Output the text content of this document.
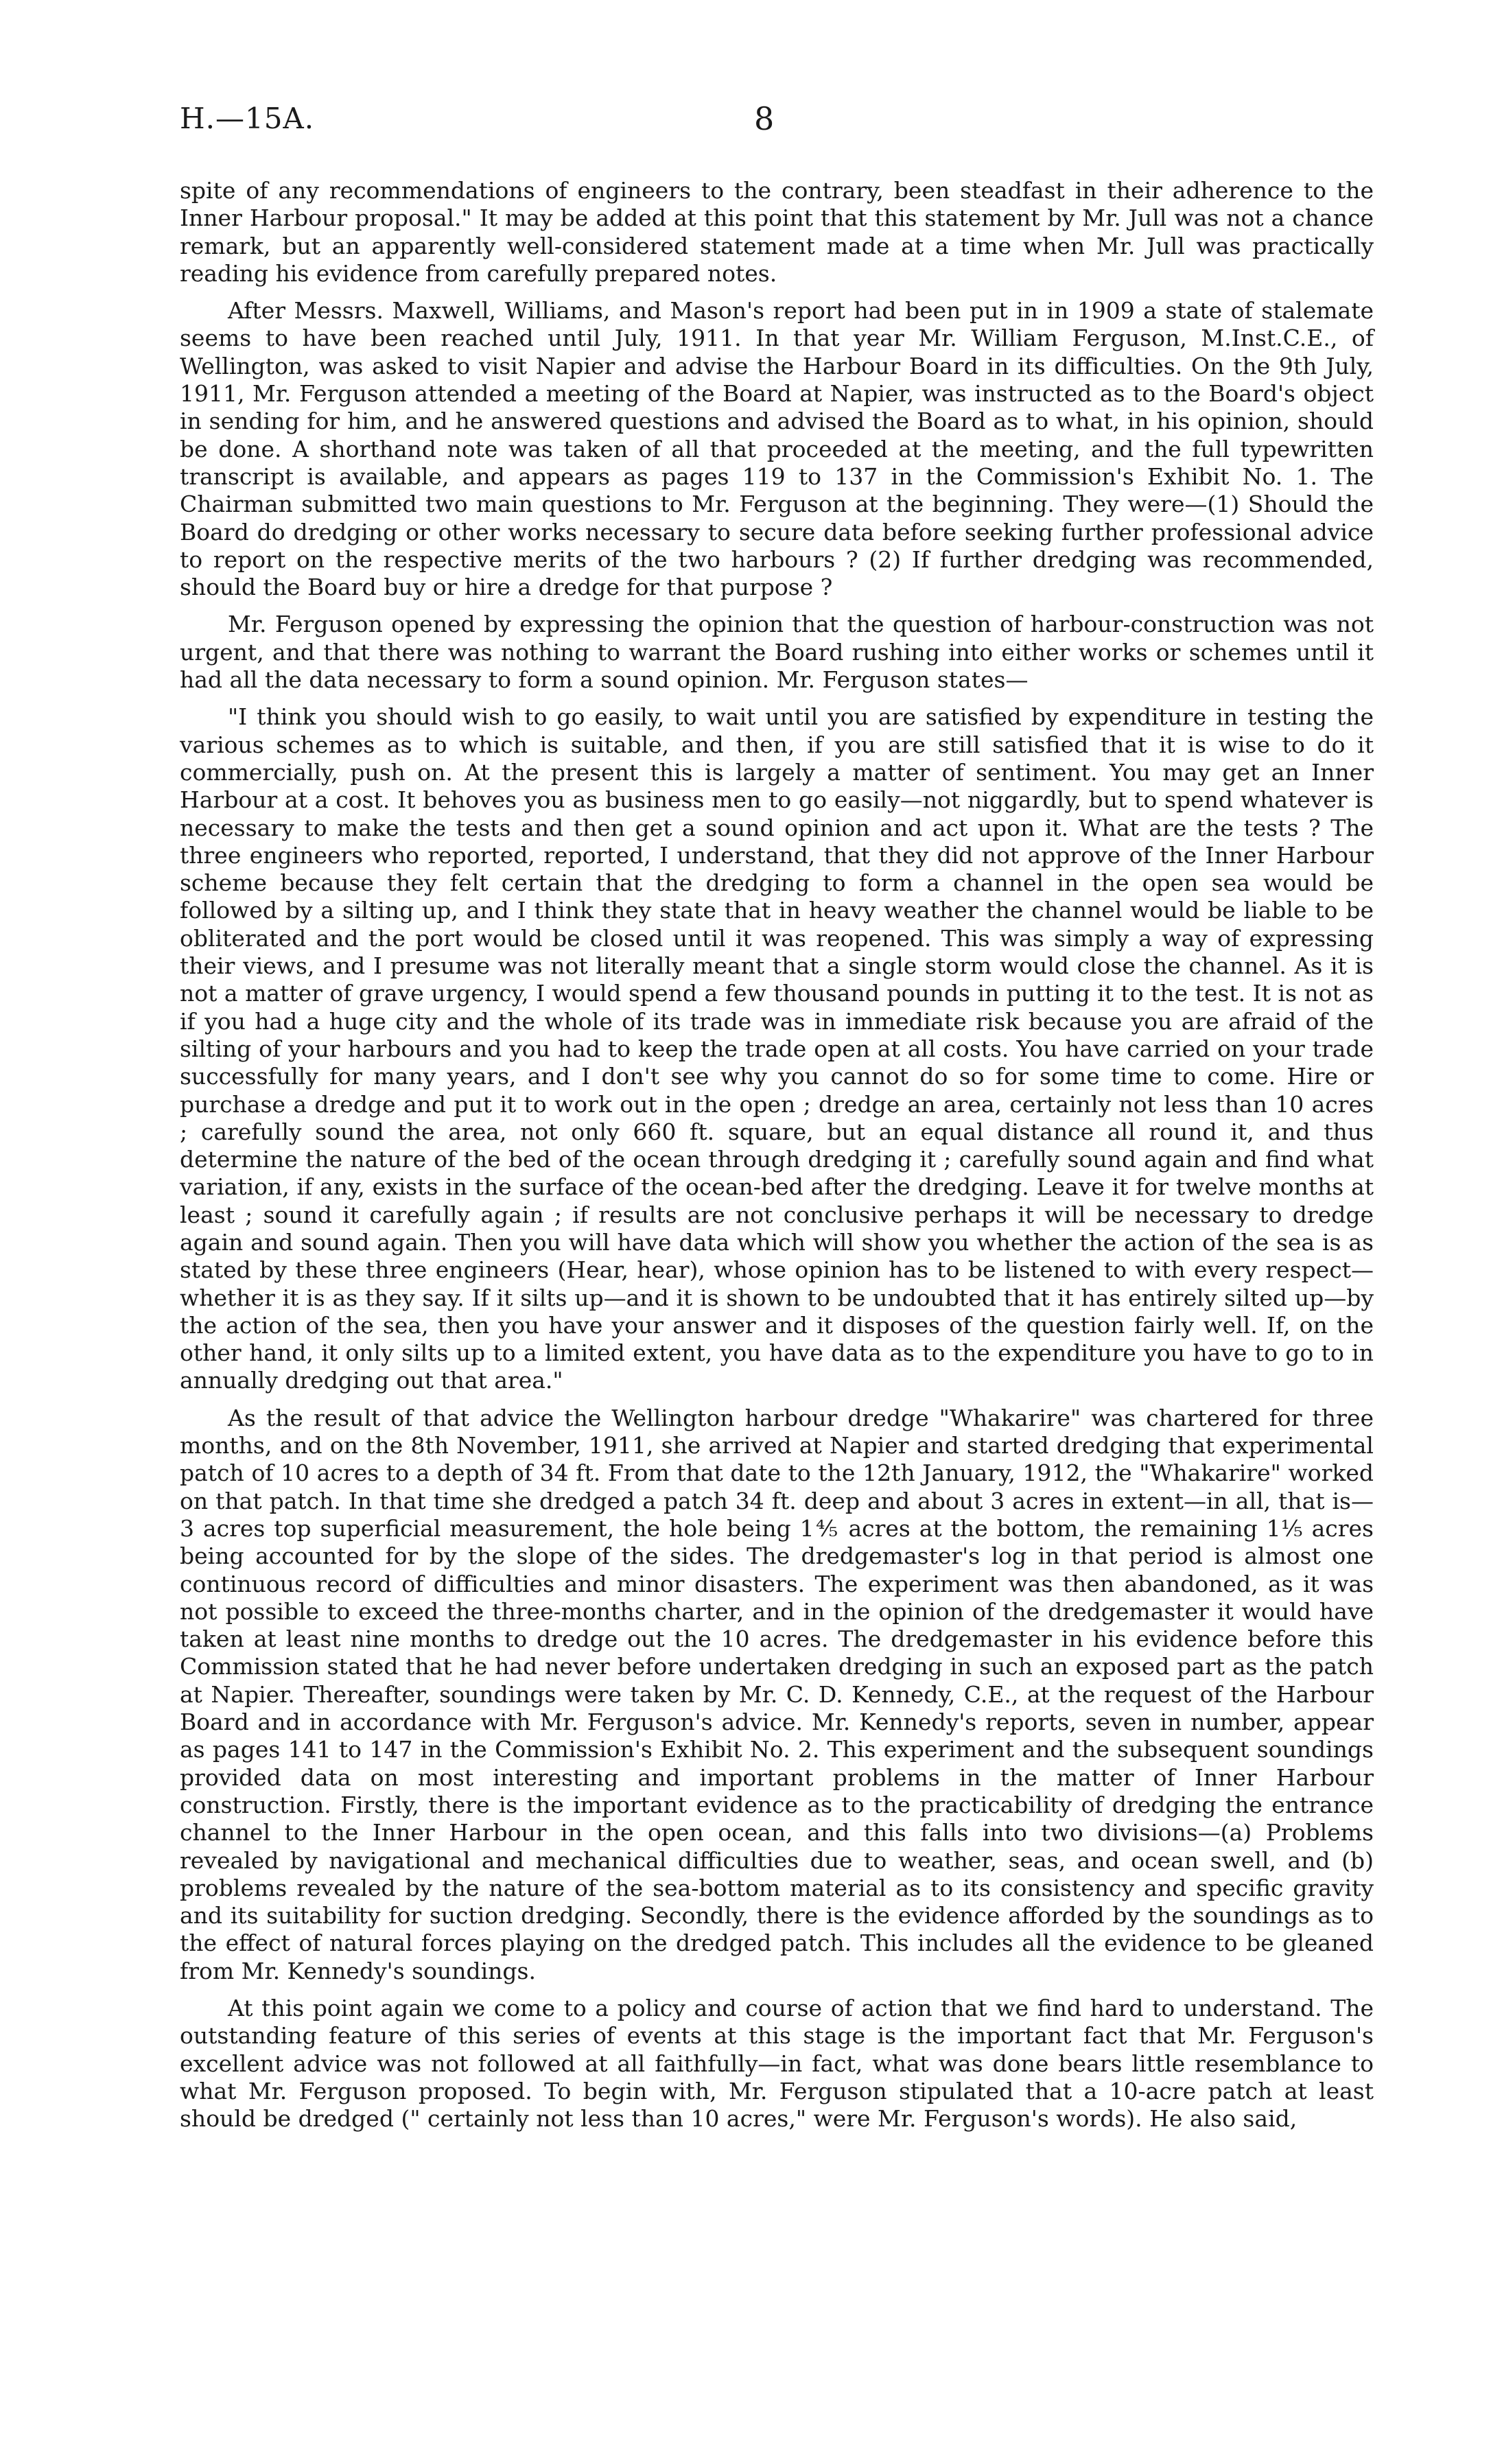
H.—15A.	8

spite of any recommendations of engineers to the contrary, been steadfast in their adherence to the Inner Harbour proposal." It may be added at this point that this statement by Mr. Jull was not a chance remark, but an apparently well-considered statement made at a time when Mr. Jull was practically reading his evidence from carefully prepared notes.

After Messrs. Maxwell, Williams, and Mason's report had been put in in 1909 a state of stalemate seems to have been reached until July, 1911. In that year Mr. William Ferguson, M.Inst.C.E., of Wellington, was asked to visit Napier and advise the Harbour Board in its difficulties. On the 9th July, 1911, Mr. Ferguson attended a meeting of the Board at Napier, was instructed as to the Board's object in sending for him, and he answered questions and advised the Board as to what, in his opinion, should be done. A shorthand note was taken of all that proceeded at the meeting, and the full typewritten transcript is available, and appears as pages 119 to 137 in the Commission's Exhibit No. 1. The Chairman submitted two main questions to Mr. Ferguson at the beginning. They were—(1) Should the Board do dredging or other works necessary to secure data before seeking further professional advice to report on the respective merits of the two harbours ? (2) If further dredging was recommended, should the Board buy or hire a dredge for that purpose ?

Mr. Ferguson opened by expressing the opinion that the question of harbour-construction was not urgent, and that there was nothing to warrant the Board rushing into either works or schemes until it had all the data necessary to form a sound opinion. Mr. Ferguson states—

"I think you should wish to go easily, to wait until you are satisfied by expenditure in testing the various schemes as to which is suitable, and then, if you are still satisfied that it is wise to do it commercially, push on. At the present this is largely a matter of sentiment. You may get an Inner Harbour at a cost. It behoves you as business men to go easily—not niggardly, but to spend whatever is necessary to make the tests and then get a sound opinion and act upon it. What are the tests ? The three engineers who reported, reported, I understand, that they did not approve of the Inner Harbour scheme because they felt certain that the dredging to form a channel in the open sea would be followed by a silting up, and I think they state that in heavy weather the channel would be liable to be obliterated and the port would be closed until it was reopened. This was simply a way of expressing their views, and I presume was not literally meant that a single storm would close the channel. As it is not a matter of grave urgency, I would spend a few thousand pounds in putting it to the test. It is not as if you had a huge city and the whole of its trade was in immediate risk because you are afraid of the silting of your harbours and you had to keep the trade open at all costs. You have carried on your trade successfully for many years, and I don't see why you cannot do so for some time to come. Hire or purchase a dredge and put it to work out in the open ; dredge an area, certainly not less than 10 acres ; carefully sound the area, not only 660 ft. square, but an equal distance all round it, and thus determine the nature of the bed of the ocean through dredging it ; carefully sound again and find what variation, if any, exists in the surface of the ocean-bed after the dredging. Leave it for twelve months at least ; sound it carefully again ; if results are not conclusive perhaps it will be necessary to dredge again and sound again. Then you will have data which will show you whether the action of the sea is as stated by these three engineers (Hear, hear), whose opinion has to be listened to with every respect—whether it is as they say. If it silts up—and it is shown to be undoubted that it has entirely silted up—by the action of the sea, then you have your answer and it disposes of the question fairly well. If, on the other hand, it only silts up to a limited extent, you have data as to the expenditure you have to go to in annually dredging out that area."

As the result of that advice the Wellington harbour dredge "Whakarire" was chartered for three months, and on the 8th November, 1911, she arrived at Napier and started dredging that experimental patch of 10 acres to a depth of 34 ft. From that date to the 12th January, 1912, the "Whakarire" worked on that patch. In that time she dredged a patch 34 ft. deep and about 3 acres in extent—in all, that is—3 acres top superficial measurement, the hole being 1⅘ acres at the bottom, the remaining 1⅕ acres being accounted for by the slope of the sides. The dredgemaster's log in that period is almost one continuous record of difficulties and minor disasters. The experiment was then abandoned, as it was not possible to exceed the three-months charter, and in the opinion of the dredgemaster it would have taken at least nine months to dredge out the 10 acres. The dredgemaster in his evidence before this Commission stated that he had never before undertaken dredging in such an exposed part as the patch at Napier. Thereafter, soundings were taken by Mr. C. D. Kennedy, C.E., at the request of the Harbour Board and in accordance with Mr. Ferguson's advice. Mr. Kennedy's reports, seven in number, appear as pages 141 to 147 in the Commission's Exhibit No. 2. This experiment and the subsequent soundings provided data on most interesting and important problems in the matter of Inner Harbour construction. Firstly, there is the important evidence as to the practicability of dredging the entrance channel to the Inner Harbour in the open ocean, and this falls into two divisions—(a) Problems revealed by navigational and mechanical difficulties due to weather, seas, and ocean swell, and (b) problems revealed by the nature of the sea-bottom material as to its consistency and specific gravity and its suitability for suction dredging. Secondly, there is the evidence afforded by the soundings as to the effect of natural forces playing on the dredged patch. This includes all the evidence to be gleaned from Mr. Kennedy's soundings.

At this point again we come to a policy and course of action that we find hard to understand. The outstanding feature of this series of events at this stage is the important fact that Mr. Ferguson's excellent advice was not followed at all faithfully—in fact, what was done bears little resemblance to what Mr. Ferguson proposed. To begin with, Mr. Ferguson stipulated that a 10-acre patch at least should be dredged (" certainly not less than 10 acres," were Mr. Ferguson's words). He also said,
